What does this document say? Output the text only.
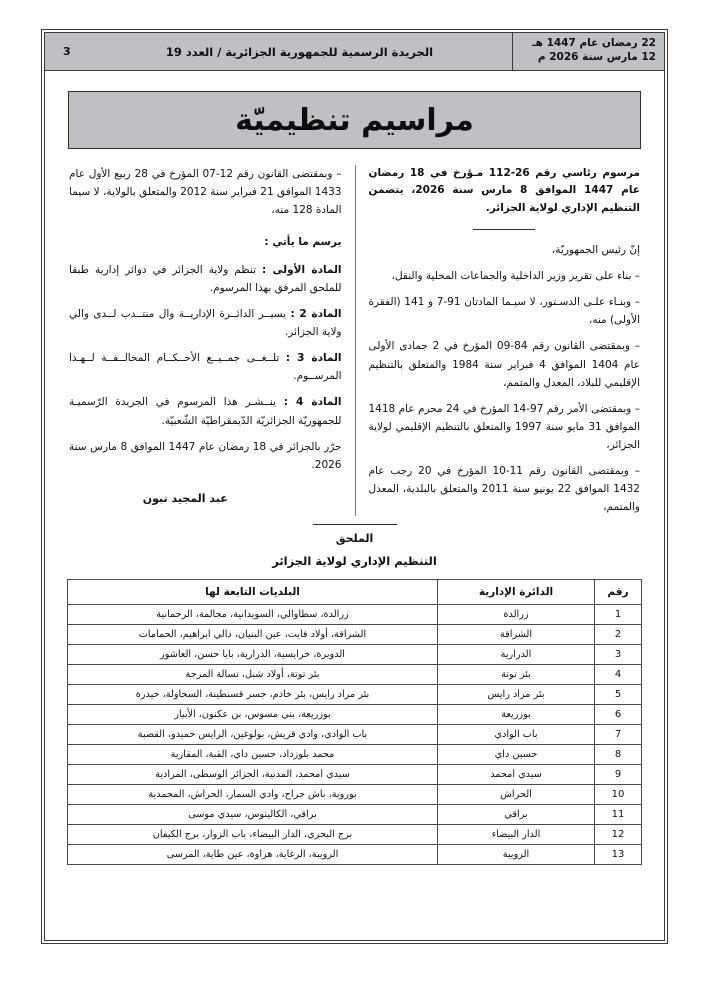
22 رمضان عام 1447 هـ
12 مارس سنة 2026 م
الجريدة الرسمية للجمهورية الجزائرية / العدد 19
3
مراسيم تنظيميّة
مرسوم رئاسي رقم 26-112 مـؤرخ في 18 رمضان عام 1447 الموافق 8 مارس سنة 2026، يتضمن التنظيم الإداري لولاية الجزائر.

إنّ رئيس الجمهوريّة،

– بناء على تقرير وزير الداخلية والجماعات المحلية والنقل،

– وبنـاء علـى الدسـتور، لا سيـما المادتان 91-7 و 141 (الفقرة الأولى) منه،

– وبمقتضى القانون رقم 84-09 المؤرخ في 2 جمادى الأولى عام 1404 الموافق 4 فبراير سنة 1984 والمتعلق بالتنظيم الإقليمي للبلاد، المعدل والمتمم،

– وبمقتضى الأمر رقم 97-14 المؤرخ في 24 محرم عام 1418 الموافق 31 مايو سنة 1997 والمتعلق بالتنظيم الإقليمي لولاية الجزائر،

– وبمقتضى القانون رقم 11-10 المؤرخ في 20 رجب عام 1432 الموافق 22 يونيو سنة 2011 والمتعلق بالبلدية، المعدل والمتمم،

– وبمقتضى القانون رقم 12-07 المؤرخ في 28 ربيع الأول عام 1433 الموافق 21 فبراير سنة 2012 والمتعلق بالولاية، لا سيما المادة 128 منه،

يرسم ما يأتي :

المادة الأولى : تنظم ولاية الجزائر في دوائر إدارية طبقا للملحق المرفق بهذا المرسوم.

المادة 2 : يسيــر الدائــرة الإداريــة وال منتــدب لــدى والي ولاية الجزائر.

المادة 3 : تلــغــى جمــيــع الأحــكــام المخالــفــة لــهـذا المرســوم.

المادة 4 : ينــشـر هذا المرسوم في الجريدة الرّسميـة للجمهوريّة الجزائريّة الدّيمقراطيّة الشّعبيّة.

حرّر بالجزائر في 18 رمضان عام 1447 الموافق 8 مارس سنة 2026.

عبد المجيد تبون
الملحق
التنظيم الإداري لولاية الجزائر
رقم	الدائرة الإدارية	البلديات التابعة لها
1	زرالدة	زرالدة، سطاوالي، السويدانية، محالمة، الرحمانية
2	الشراقة	الشراقة، أولاد فايت، عين البنيان، دالي ابراهيم، الحمامات
3	الدرارية	الدويرة، خرايسية، الدرارية، بابا حسن، العاشور
4	بئر توتة	بئر توتة، أولاد شبل، تسالة المرجة
5	بئر مراد رايس	بئر مراد رايس، بئر خادم، جسر قسنطينة، السحاولة، حيدرة
6	بوزريعة	بوزريعة، بني مسوس، بن عكنون، الأبيار
7	باب الوادي	باب الوادي، وادي قريش، بولوغين، الرايس حميدو، القصبة
8	حسين داي	محمد بلوزداد، حسين داي، القبة، المقارية
9	سيدي امحمد	سيدي امحمد، المدنية، الجزائر الوسطى، المرادية
10	الحراش	بوروبة، باش جراح، وادي السمار، الحراش، المحمدية
11	براقي	براقي، الكاليتوس، سيدي موسى
12	الدار البيضاء	برج البحري، الدار البيضاء، باب الزوار، برج الكيفان
13	الرويبة	الرويبة، الرغاية، هراوة، عين طاية، المرسى
